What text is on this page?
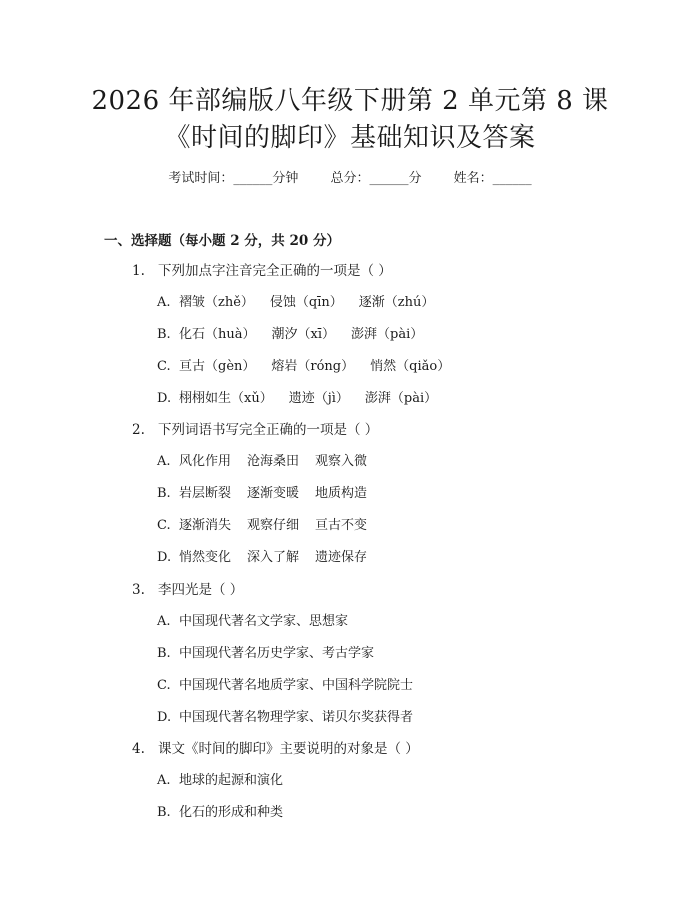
2026 年部编版八年级下册第 2 单元第 8 课
《时间的脚印》基础知识及答案
考试时间：______分钟 总分：______分 姓名：______
一、选择题（每小题 2 分，共 20 分）
1. 下列加点字注音完全正确的一项是（ ）
A. 褶皱（zhě） 侵蚀（qīn） 逐渐（zhú）
B. 化石（huà） 潮汐（xī） 澎湃（pài）
C. 亘古（gèn） 熔岩（róng） 悄然（qiǎo）
D. 栩栩如生（xǔ） 遗迹（jì） 澎湃（pài）
2. 下列词语书写完全正确的一项是（ ）
A. 风化作用 沧海桑田 观察入微
B. 岩层断裂 逐渐变暖 地质构造
C. 逐渐消失 观察仔细 亘古不变
D. 悄然变化 深入了解 遗迹保存
3. 李四光是（ ）
A. 中国现代著名文学家、思想家
B. 中国现代著名历史学家、考古学家
C. 中国现代著名地质学家、中国科学院院士
D. 中国现代著名物理学家、诺贝尔奖获得者
4. 课文《时间的脚印》主要说明的对象是（ ）
A. 地球的起源和演化
B. 化石的形成和种类
